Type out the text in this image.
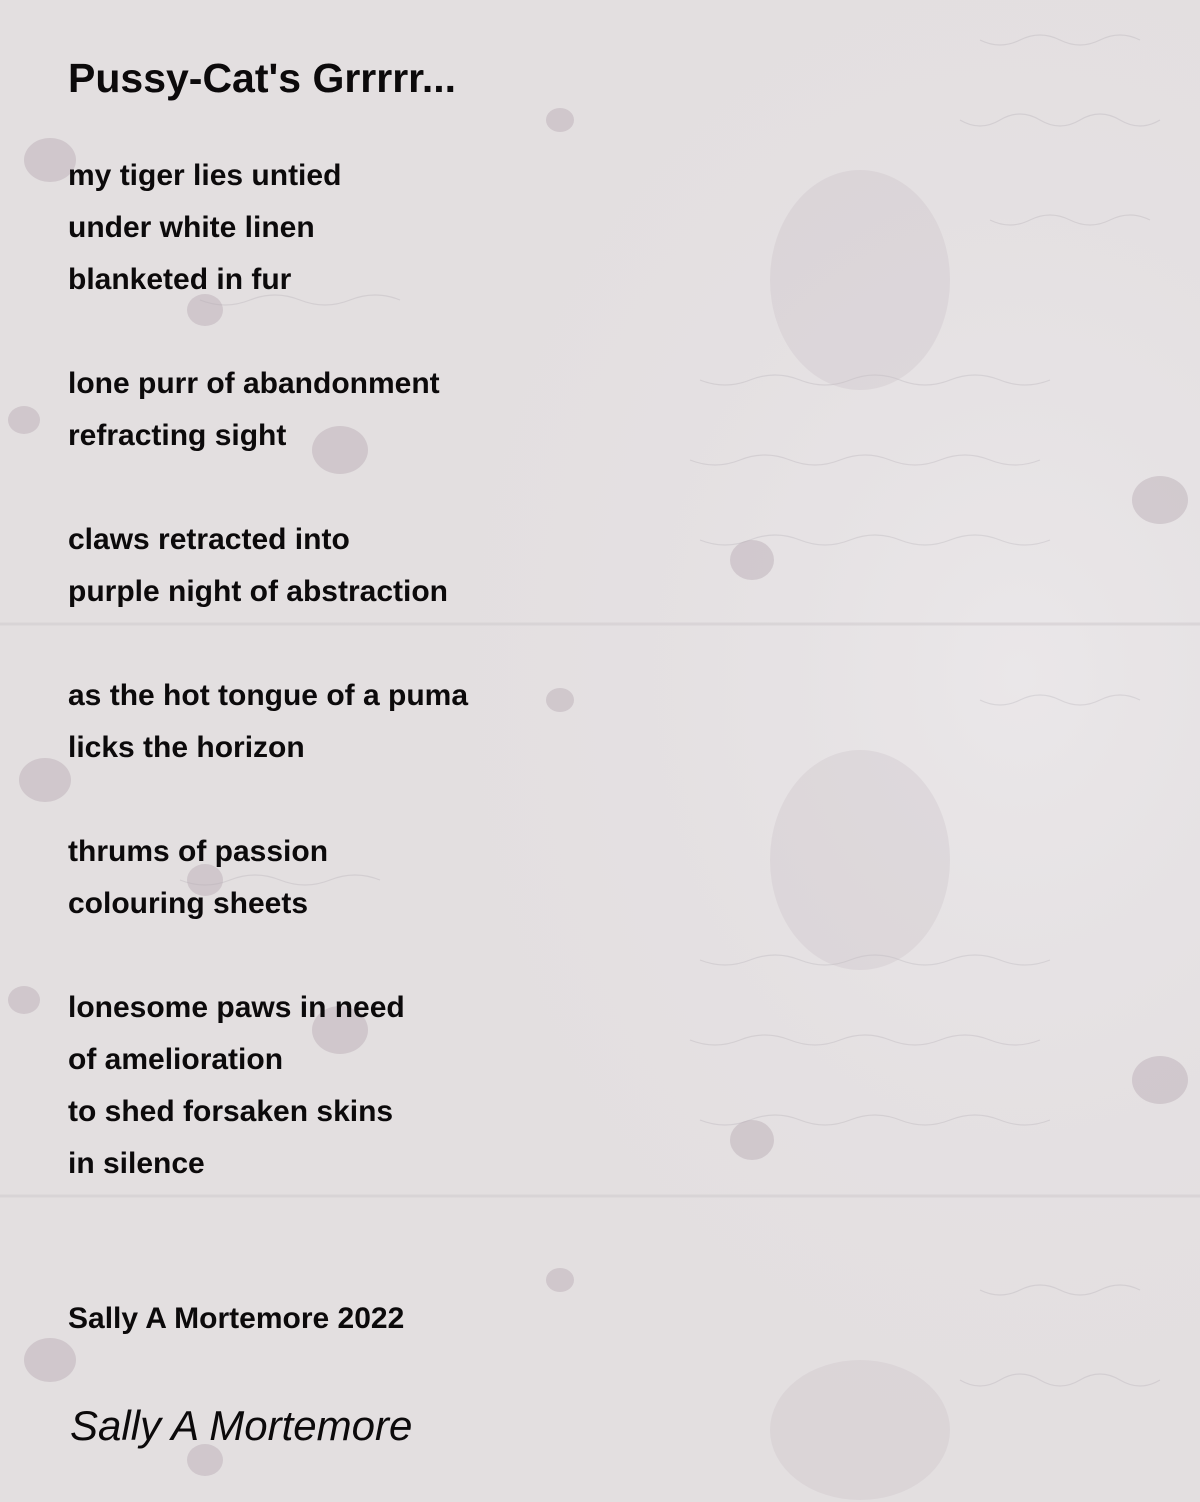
Pussy-Cat's Grrrrr...
my tiger lies untied
under white linen
blanketed in fur
lone purr of abandonment
refracting sight
claws retracted into
purple night of abstraction
as the hot tongue of a puma
licks the horizon
thrums of passion
colouring sheets
lonesome paws in need
of amelioration
to shed forsaken skins
in silence
Sally A Mortemore 2022
Sally A Mortemore
